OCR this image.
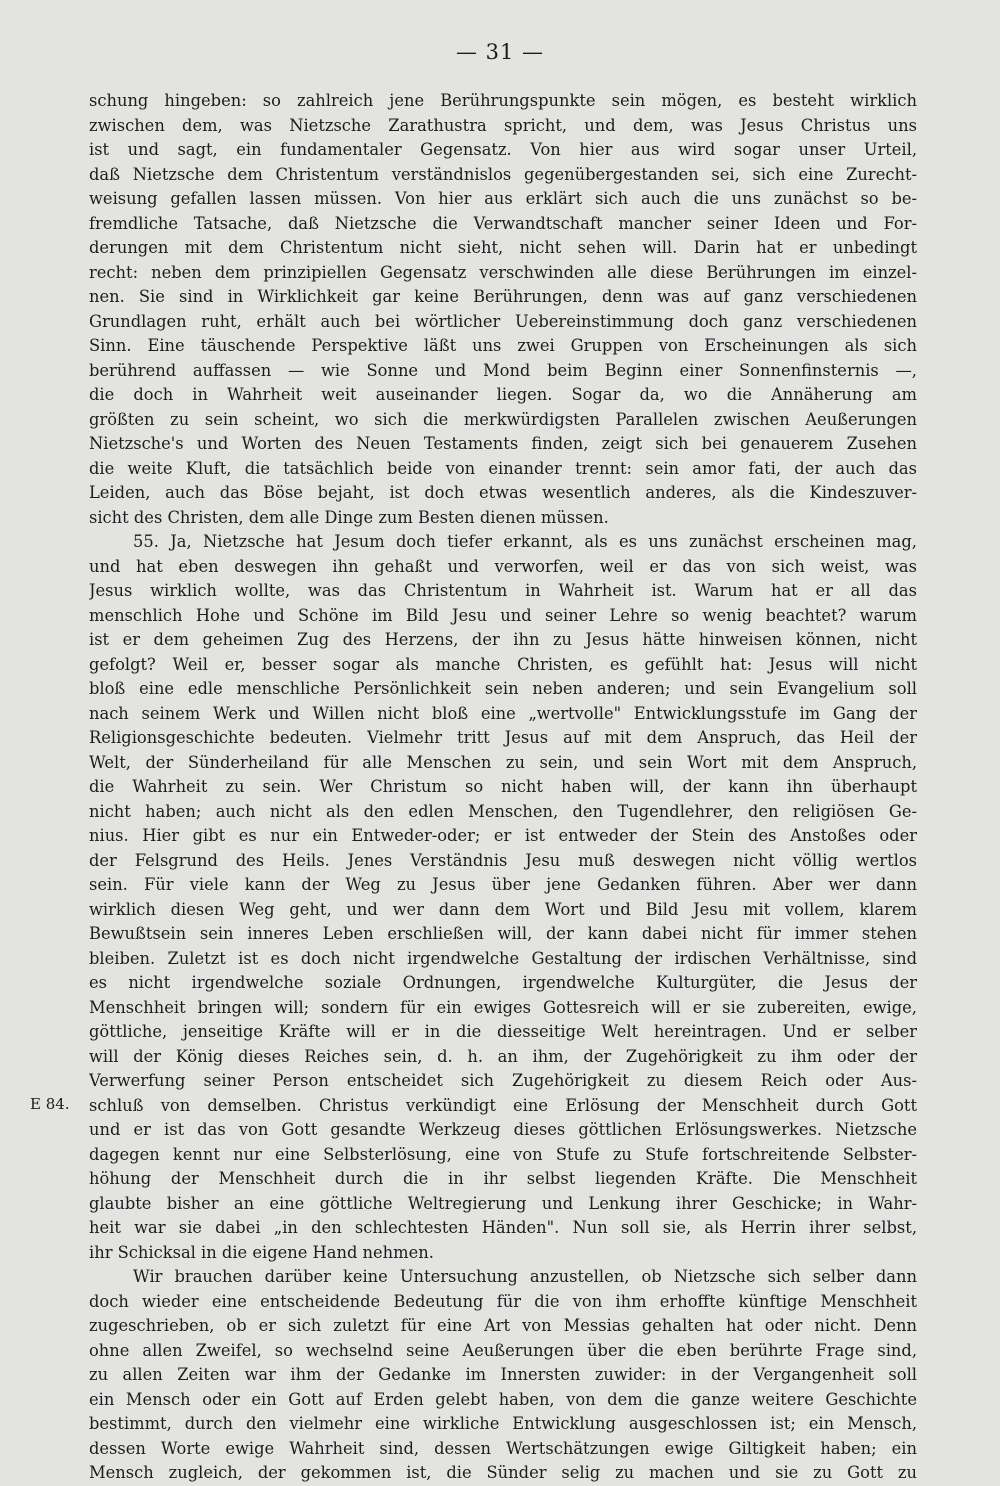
— 31 —
E 84.
schung hingeben: so zahlreich jene Berührungspunkte sein mögen, es besteht wirklich
zwischen dem, was Nietzsche Zarathustra spricht, und dem, was Jesus Christus uns
ist und sagt, ein fundamentaler Gegensatz. Von hier aus wird sogar unser Urteil,
daß Nietzsche dem Christentum verständnislos gegenübergestanden sei, sich eine Zurecht-
weisung gefallen lassen müssen. Von hier aus erklärt sich auch die uns zunächst so be-
fremdliche Tatsache, daß Nietzsche die Verwandtschaft mancher seiner Ideen und For-
derungen mit dem Christentum nicht sieht, nicht sehen will. Darin hat er unbedingt
recht: neben dem prinzipiellen Gegensatz verschwinden alle diese Berührungen im einzel-
nen. Sie sind in Wirklichkeit gar keine Berührungen, denn was auf ganz verschiedenen
Grundlagen ruht, erhält auch bei wörtlicher Uebereinstimmung doch ganz verschiedenen
Sinn. Eine täuschende Perspektive läßt uns zwei Gruppen von Erscheinungen als sich
berührend auffassen — wie Sonne und Mond beim Beginn einer Sonnenfinsternis —,
die doch in Wahrheit weit auseinander liegen. Sogar da, wo die Annäherung am
größten zu sein scheint, wo sich die merkwürdigsten Parallelen zwischen Aeußerungen
Nietzsche's und Worten des Neuen Testaments finden, zeigt sich bei genauerem Zusehen
die weite Kluft, die tatsächlich beide von einander trennt: sein amor fati, der auch das
Leiden, auch das Böse bejaht, ist doch etwas wesentlich anderes, als die Kindeszuver-
sicht des Christen, dem alle Dinge zum Besten dienen müssen.
55. Ja, Nietzsche hat Jesum doch tiefer erkannt, als es uns zunächst erscheinen mag,
und hat eben deswegen ihn gehaßt und verworfen, weil er das von sich weist, was
Jesus wirklich wollte, was das Christentum in Wahrheit ist. Warum hat er all das
menschlich Hohe und Schöne im Bild Jesu und seiner Lehre so wenig beachtet? warum
ist er dem geheimen Zug des Herzens, der ihn zu Jesus hätte hinweisen können, nicht
gefolgt? Weil er, besser sogar als manche Christen, es gefühlt hat: Jesus will nicht
bloß eine edle menschliche Persönlichkeit sein neben anderen; und sein Evangelium soll
nach seinem Werk und Willen nicht bloß eine „wertvolle" Entwicklungsstufe im Gang der
Religionsgeschichte bedeuten. Vielmehr tritt Jesus auf mit dem Anspruch, das Heil der
Welt, der Sünderheiland für alle Menschen zu sein, und sein Wort mit dem Anspruch,
die Wahrheit zu sein. Wer Christum so nicht haben will, der kann ihn überhaupt
nicht haben; auch nicht als den edlen Menschen, den Tugendlehrer, den religiösen Ge-
nius. Hier gibt es nur ein Entweder-oder; er ist entweder der Stein des Anstoßes oder
der Felsgrund des Heils. Jenes Verständnis Jesu muß deswegen nicht völlig wertlos
sein. Für viele kann der Weg zu Jesus über jene Gedanken führen. Aber wer dann
wirklich diesen Weg geht, und wer dann dem Wort und Bild Jesu mit vollem, klarem
Bewußtsein sein inneres Leben erschließen will, der kann dabei nicht für immer stehen
bleiben. Zuletzt ist es doch nicht irgendwelche Gestaltung der irdischen Verhältnisse, sind
es nicht irgendwelche soziale Ordnungen, irgendwelche Kulturgüter, die Jesus der
Menschheit bringen will; sondern für ein ewiges Gottesreich will er sie zubereiten, ewige,
göttliche, jenseitige Kräfte will er in die diesseitige Welt hereintragen. Und er selber
will der König dieses Reiches sein, d. h. an ihm, der Zugehörigkeit zu ihm oder der
Verwerfung seiner Person entscheidet sich Zugehörigkeit zu diesem Reich oder Aus-
schluß von demselben. Christus verkündigt eine Erlösung der Menschheit durch Gott
und er ist das von Gott gesandte Werkzeug dieses göttlichen Erlösungswerkes. Nietzsche
dagegen kennt nur eine Selbsterlösung, eine von Stufe zu Stufe fortschreitende Selbster-
höhung der Menschheit durch die in ihr selbst liegenden Kräfte. Die Menschheit
glaubte bisher an eine göttliche Weltregierung und Lenkung ihrer Geschicke; in Wahr-
heit war sie dabei „in den schlechtesten Händen". Nun soll sie, als Herrin ihrer selbst,
ihr Schicksal in die eigene Hand nehmen.
Wir brauchen darüber keine Untersuchung anzustellen, ob Nietzsche sich selber dann
doch wieder eine entscheidende Bedeutung für die von ihm erhoffte künftige Menschheit
zugeschrieben, ob er sich zuletzt für eine Art von Messias gehalten hat oder nicht. Denn
ohne allen Zweifel, so wechselnd seine Aeußerungen über die eben berührte Frage sind,
zu allen Zeiten war ihm der Gedanke im Innersten zuwider: in der Vergangenheit soll
ein Mensch oder ein Gott auf Erden gelebt haben, von dem die ganze weitere Geschichte
bestimmt, durch den vielmehr eine wirkliche Entwicklung ausgeschlossen ist; ein Mensch,
dessen Worte ewige Wahrheit sind, dessen Wertschätzungen ewige Giltigkeit haben; ein
Mensch zugleich, der gekommen ist, die Sünder selig zu machen und sie zu Gott zu
